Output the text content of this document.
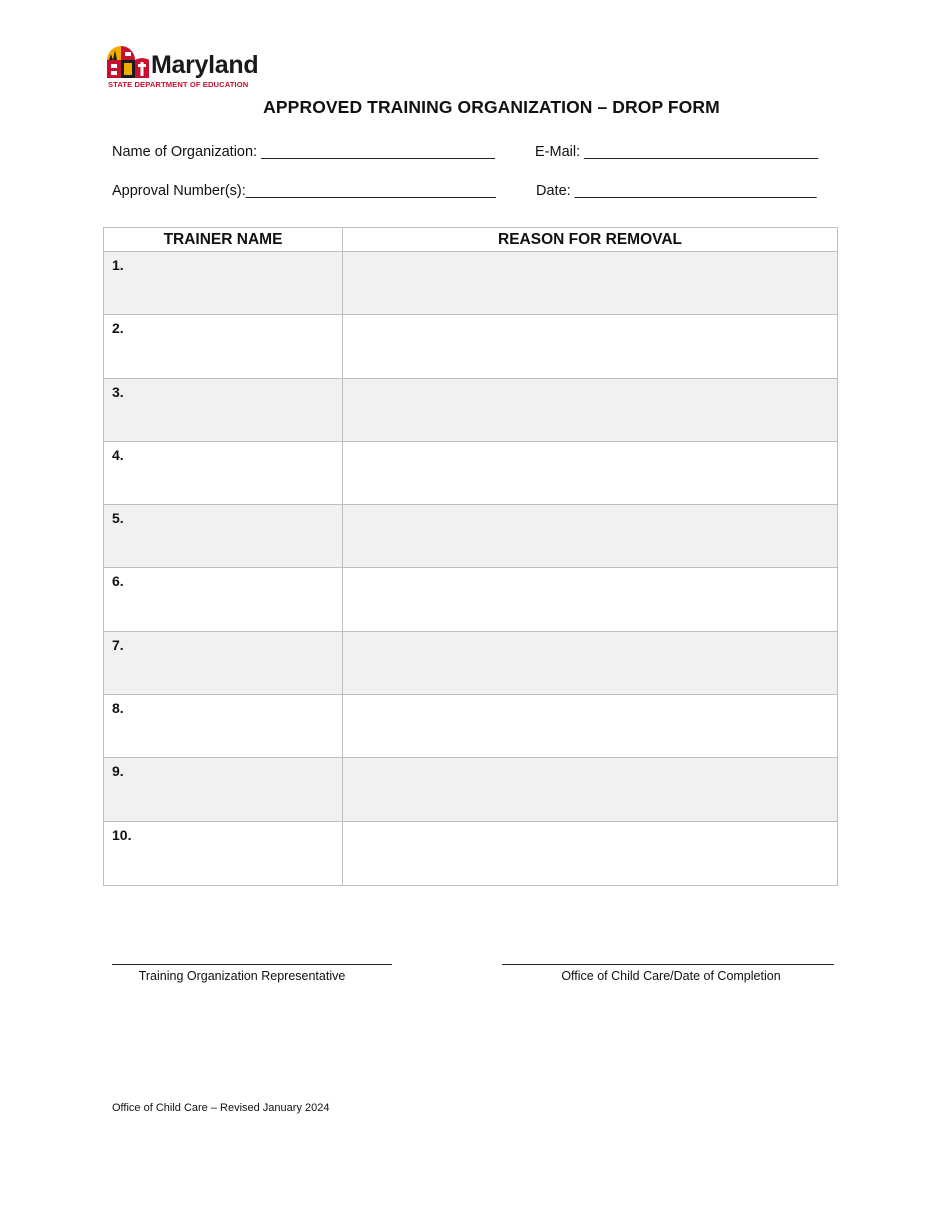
Maryland
STATE DEPARTMENT OF EDUCATION
APPROVED TRAINING ORGANIZATION – DROP FORM
Name of Organization: _____________________________	E-Mail: _____________________________
Approval Number(s):_______________________________	Date: ______________________________
TRAINER NAME	REASON FOR REMOVAL
1.
2.
3.
4.
5.
6.
7.
8.
9.
10.
Training Organization Representative	Office of Child Care/Date of Completion
Office of Child Care – Revised January 2024
